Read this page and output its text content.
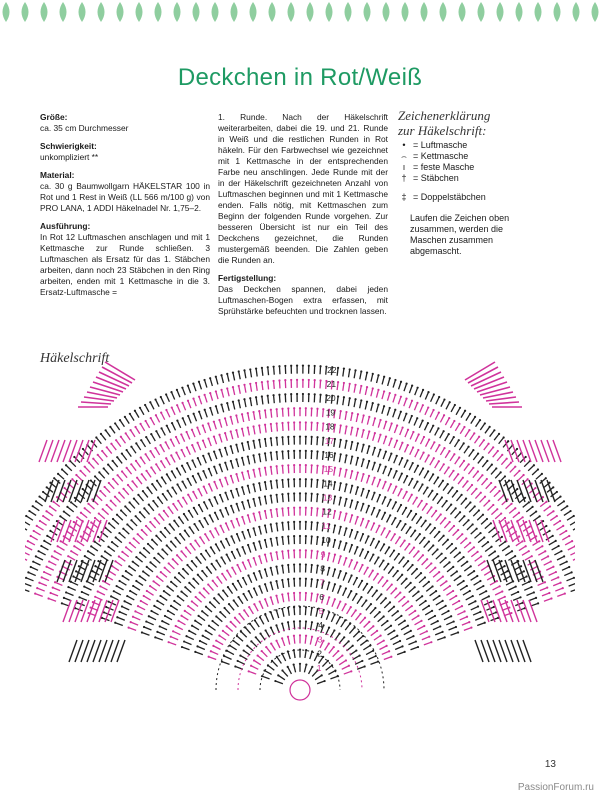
Deckchen in Rot/Weiß

Größe:

ca. 35 cm Durchmesser

Schwierigkeit:

unkompliziert **

Material:

ca. 30 g Baumwollgarn HÄKELSTAR 100 in Rot und 1 Rest in Weiß (LL 566 m/100 g) von PRO LANA, 1 ADDI Häkelnadel Nr. 1,75–2.

Ausführung:

In Rot 12 Luftmaschen anschlagen und mit 1 Kettmasche zur Runde schließen. 3 Luftmaschen als Ersatz für das 1. Stäbchen arbeiten, dann noch 23 Stäbchen in den Ring arbeiten, enden mit 1 Kettmasche in die 3. Ersatz-Luftmasche =

1. Runde. Nach der Häkelschrift weiterarbeiten, dabei die 19. und 21. Runde in Weiß und die restlichen Runden in Rot häkeln. Für den Farbwechsel wie gezeichnet mit 1 Kettmasche in der entsprechenden Farbe neu anschlingen. Jede Runde mit der in der Häkelschrift gezeichneten Anzahl von Luftmaschen beginnen und mit 1 Kettmasche enden. Falls nötig, mit Kettmaschen zum Beginn der folgenden Runde vorgehen. Zur besseren Übersicht ist nur ein Teil des Deckchens gezeichnet, die Runden mustergemäß beenden. Die Zahlen geben die Runden an.

Fertigstellung:

Das Deckchen spannen, dabei jeden Luftmaschen-Bogen extra erfassen, mit Sprühstärke befeuchten und trocknen lassen.

Zeichenerklärung
zur Häkelschrift:
• = Luftmasche
⌢ = Kettmasche
ı = feste Masche
† = Stäbchen
‡ = Doppelstäbchen
Laufen die Zeichen oben zusammen, werden die Maschen zusammen abgemascht.
1
2
3
4
5
6
7
8
9
10
11
12
13
14
15
16
17
18
19
20
21
22
Häkelschrift
13
PassionForum.ru
